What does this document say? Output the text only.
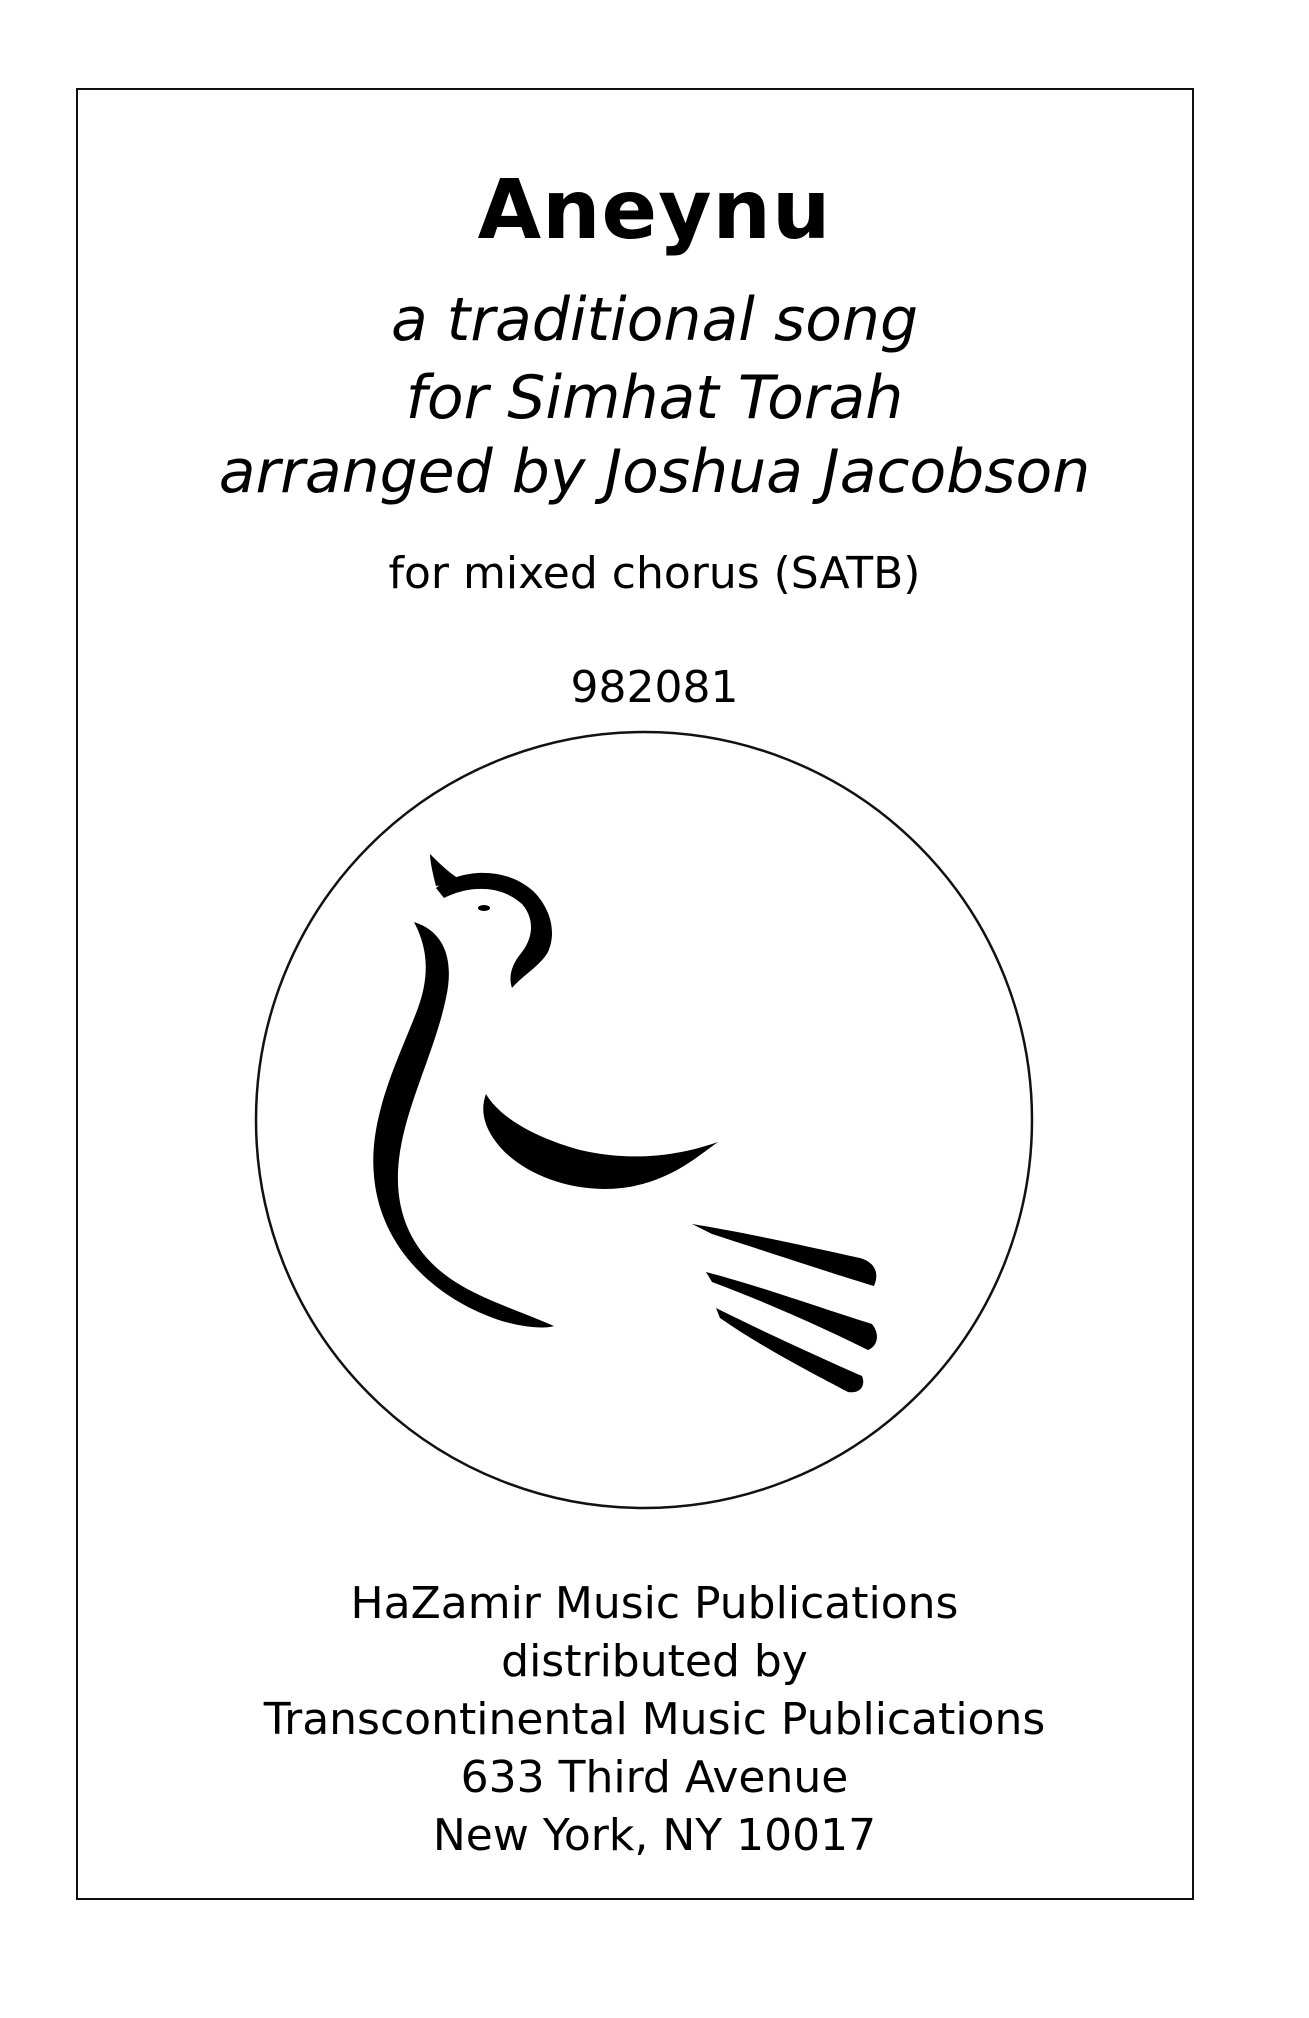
Aneynu
a traditional song
for Simhat Torah
arranged by Joshua Jacobson
for mixed chorus (SATB)
982081
HaZamir Music Publications
distributed by
Transcontinental Music Publications
633 Third Avenue
New York, NY 10017
